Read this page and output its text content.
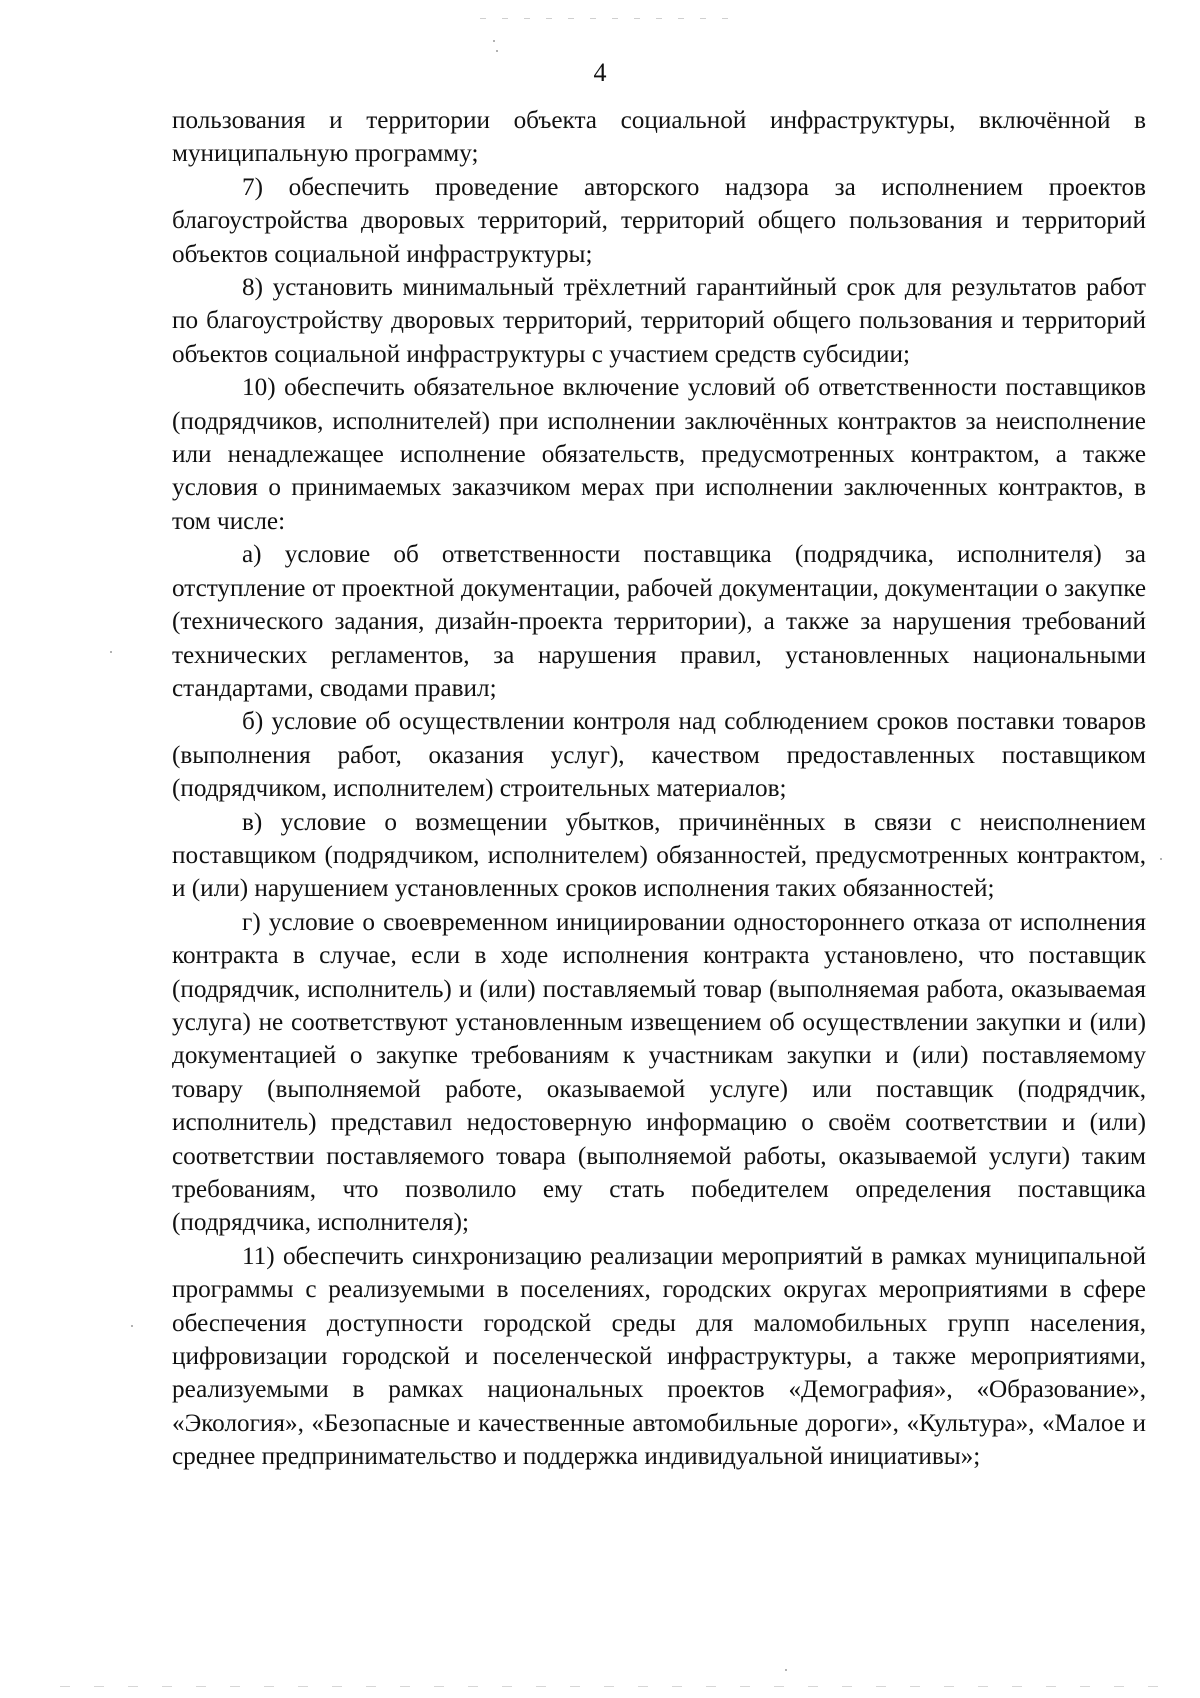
4

пользования и территории объекта социальной инфраструктуры, включённой в муниципальную программу;

7) обеспечить проведение авторского надзора за исполнением проектов благоустройства дворовых территорий, территорий общего пользования и территорий объектов социальной инфраструктуры;

8) установить минимальный трёхлетний гарантийный срок для результатов работ по благоустройству дворовых территорий, территорий общего пользования и территорий объектов социальной инфраструктуры с участием средств субсидии;

10) обеспечить обязательное включение условий об ответственности поставщиков (подрядчиков, исполнителей) при исполнении заключённых контрактов за неисполнение или ненадлежащее исполнение обязательств, предусмотренных контрактом, а также условия о принимаемых заказчиком мерах при исполнении заключенных контрактов, в том числе:

а) условие об ответственности поставщика (подрядчика, исполнителя) за отступление от проектной документации, рабочей документации, документации о закупке (технического задания, дизайн-проекта территории), а также за нарушения требований технических регламентов, за нарушения правил, установленных национальными стандартами, сводами правил;

б) условие об осуществлении контроля над соблюдением сроков поставки товаров (выполнения работ, оказания услуг), качеством предоставленных поставщиком (подрядчиком, исполнителем) строительных материалов;

в) условие о возмещении убытков, причинённых в связи с неисполнением поставщиком (подрядчиком, исполнителем) обязанностей, предусмотренных контрактом, и (или) нарушением установленных сроков исполнения таких обязанностей;

г) условие о своевременном инициировании одностороннего отказа от исполнения контракта в случае, если в ходе исполнения контракта установлено, что поставщик (подрядчик, исполнитель) и (или) поставляемый товар (выполняемая работа, оказываемая услуга) не соответствуют установленным извещением об осуществлении закупки и (или) документацией о закупке требованиям к участникам закупки и (или) поставляемому товару (выполняемой работе, оказываемой услуге) или поставщик (подрядчик, исполнитель) представил недостоверную информацию о своём соответствии и (или) соответствии поставляемого товара (выполняемой работы, оказываемой услуги) таким требованиям, что позволило ему стать победителем определения поставщика (подрядчика, исполнителя);

11) обеспечить синхронизацию реализации мероприятий в рамках муниципальной программы с реализуемыми в поселениях, городских округах мероприятиями в сфере обеспечения доступности городской среды для маломобильных групп населения, цифровизации городской и поселенческой инфраструктуры, а также мероприятиями, реализуемыми в рамках национальных проектов «Демография», «Образование», «Экология», «Безопасные и качественные автомобильные дороги», «Культура», «Малое и среднее предпринимательство и поддержка индивидуальной инициативы»;
